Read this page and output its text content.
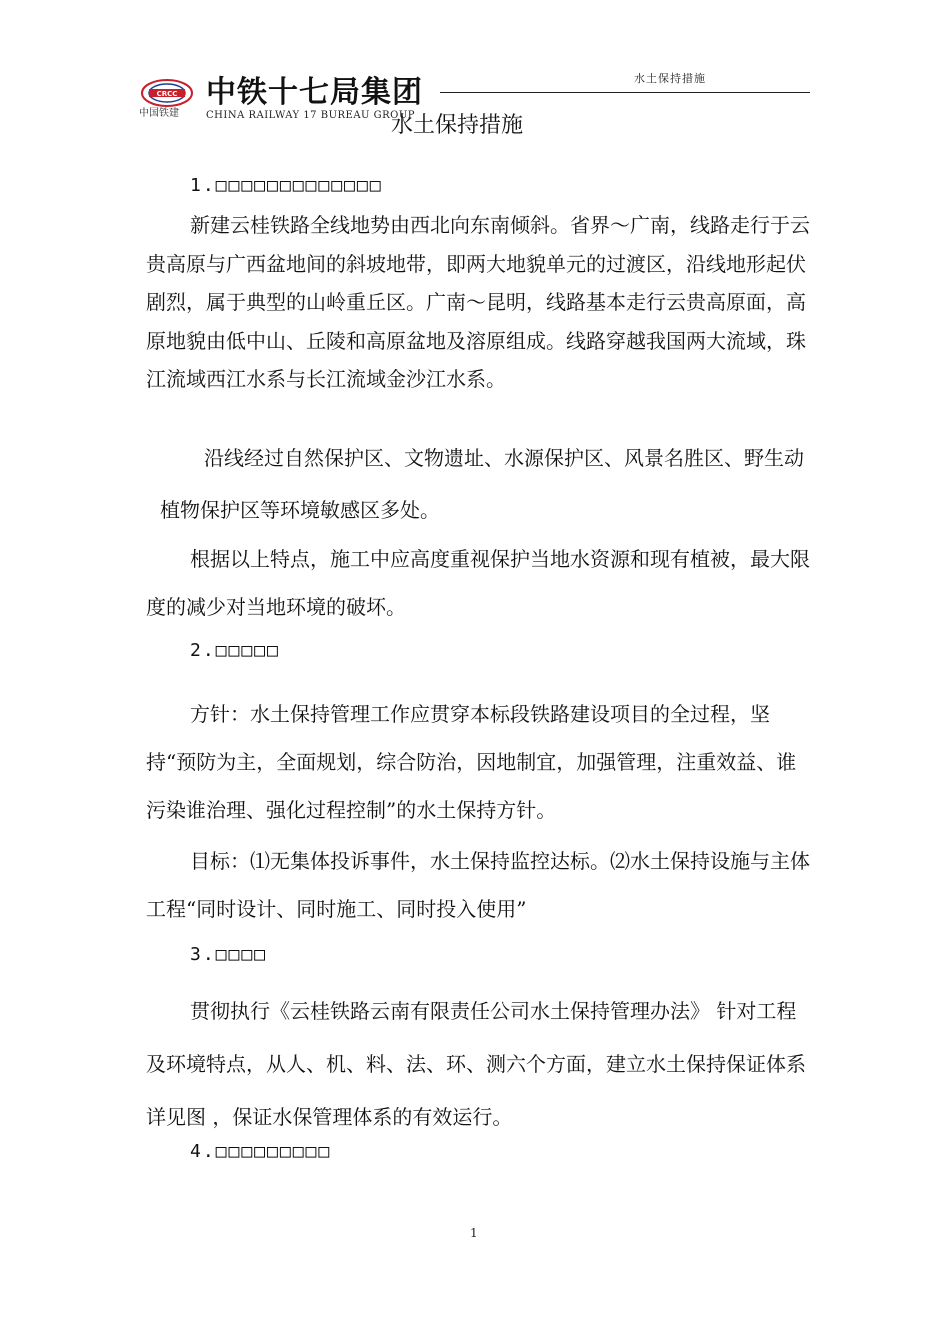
CRCC
中国铁建
中铁十七局集团
CHINA RAILWAY 17 BUREAU GROUP
水土保持措施
水土保持措施
1.□□□□□□□□□□□□□

新建云桂铁路全线地势由西北向东南倾斜。省界～广南，线路走行于云贵高原与广西盆地间的斜坡地带，即两大地貌单元的过渡区，沿线地形起伏剧烈，属于典型的山岭重丘区。广南～昆明，线路基本走行云贵高原面，高原地貌由低中山、丘陵和高原盆地及溶原组成。线路穿越我国两大流域，珠江流域西江水系与长江流域金沙江水系。

沿线经过自然保护区、文物遗址、水源保护区、风景名胜区、野生动植物保护区等环境敏感区多处。

根据以上特点，施工中应高度重视保护当地水资源和现有植被，最大限度的减少对当地环境的破坏。

2.□□□□□

方针：水土保持管理工作应贯穿本标段铁路建设项目的全过程，坚持“预防为主，全面规划，综合防治，因地制宜，加强管理，注重效益、谁污染谁治理、强化过程控制”的水土保持方针。

目标：⑴无集体投诉事件，水土保持监控达标。⑵水土保持设施与主体工程“同时设计、同时施工、同时投入使用”

3.□□□□

贯彻执行《云桂铁路云南有限责任公司水土保持管理办法》 针对工程及环境特点，从人、机、料、法、环、测六个方面，建立水土保持保证体系 详见图 ，保证水保管理体系的有效运行。

4.□□□□□□□□□
1
